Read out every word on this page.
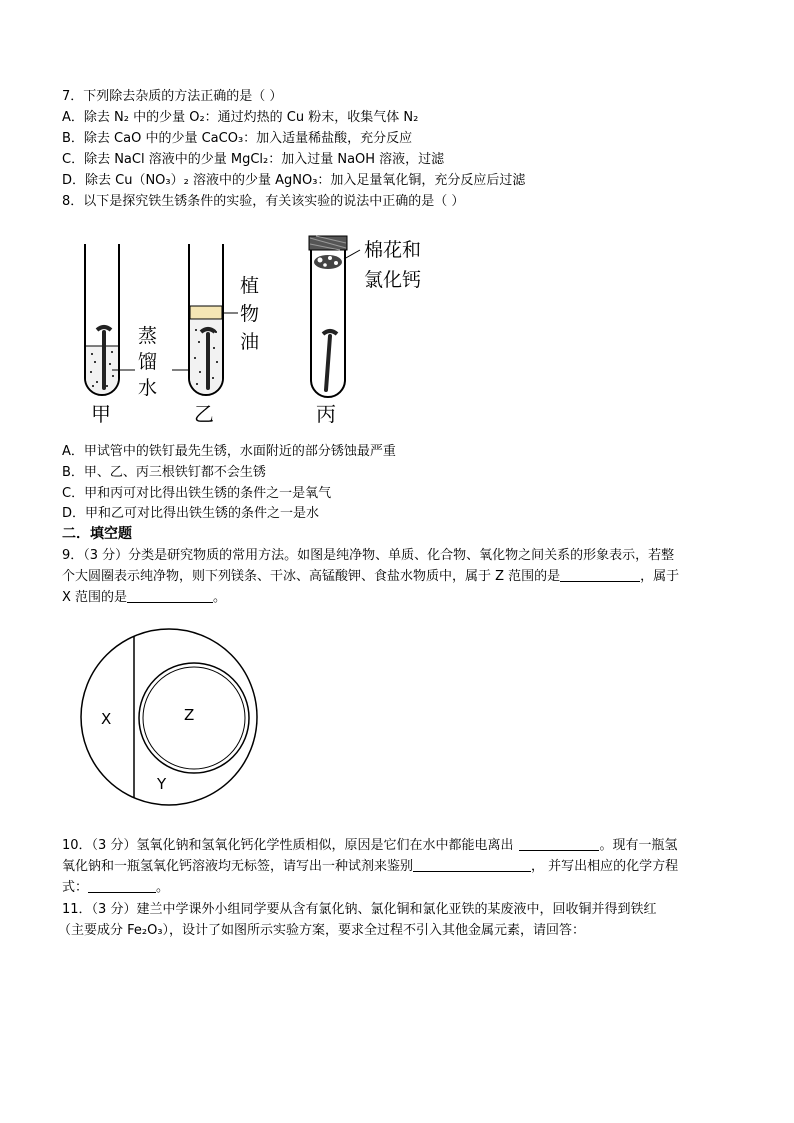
7．下列除去杂质的方法正确的是（ ）
A．除去 N₂ 中的少量 O₂：通过灼热的 Cu 粉末，收集气体 N₂
B．除去 CaO 中的少量 CaCO₃：加入适量稀盐酸，充分反应
C．除去 NaCl 溶液中的少量 MgCl₂：加入过量 NaOH 溶液，过滤
D．除去 Cu（NO₃）₂ 溶液中的少量 AgNO₃：加入足量氧化铜，充分反应后过滤
8．以下是探究铁生锈条件的实验，有关该实验的说法中正确的是（ ）
蒸
馏
水
植
物
油
棉花和
氯化钙
甲	乙	丙
X	Z
Y
A．甲试管中的铁钉最先生锈，水面附近的部分锈蚀最严重
B．甲、乙、丙三根铁钉都不会生锈
C．甲和丙可对比得出铁生锈的条件之一是氧气
D．甲和乙可对比得出铁生锈的条件之一是水
二．填空题
9．（3 分）分类是研究物质的常用方法。如图是纯净物、单质、化合物、氧化物之间关系的形象表示，若整
个大圆圈表示纯净物，则下列镁条、干冰、高锰酸钾、食盐水物质中，属于 Z 范围的是	，属于
X 范围的是	。
10．（3 分）氢氧化钠和氢氧化钙化学性质相似，原因是它们在水中都能电离出	。现有一瓶氢
氧化钠和一瓶氢氧化钙溶液均无标签，请写出一种试剂来鉴别	， 并写出相应的化学方程
式：	。
11．（3 分）建兰中学课外小组同学要从含有氯化钠、氯化铜和氯化亚铁的某废液中，回收铜并得到铁红
（主要成分 Fe₂O₃），设计了如图所示实验方案，要求全过程不引入其他金属元素，请回答：
